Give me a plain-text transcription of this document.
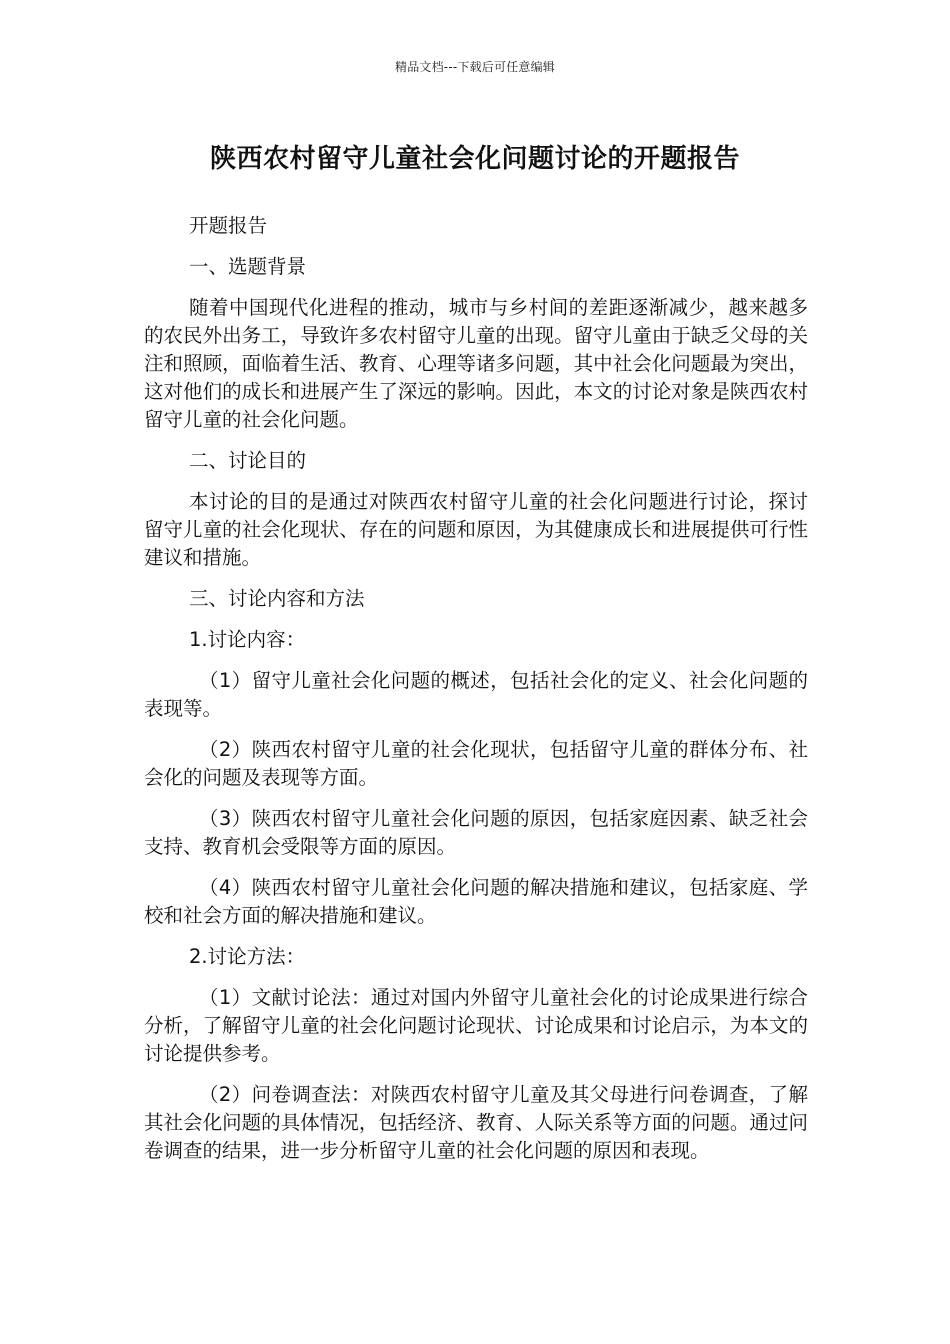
精品文档---下载后可任意编辑
陕西农村留守儿童社会化问题讨论的开题报告

开题报告

一、选题背景

随着中国现代化进程的推动，城市与乡村间的差距逐渐减少，越来越多的农民外出务工，导致许多农村留守儿童的出现。留守儿童由于缺乏父母的关注和照顾，面临着生活、教育、心理等诸多问题，其中社会化问题最为突出，这对他们的成长和进展产生了深远的影响。因此，本文的讨论对象是陕西农村留守儿童的社会化问题。

二、讨论目的

本讨论的目的是通过对陕西农村留守儿童的社会化问题进行讨论，探讨留守儿童的社会化现状、存在的问题和原因，为其健康成长和进展提供可行性建议和措施。

三、讨论内容和方法

1.讨论内容：

（1）留守儿童社会化问题的概述，包括社会化的定义、社会化问题的表现等。

（2）陕西农村留守儿童的社会化现状，包括留守儿童的群体分布、社会化的问题及表现等方面。

（3）陕西农村留守儿童社会化问题的原因，包括家庭因素、缺乏社会支持、教育机会受限等方面的原因。

（4）陕西农村留守儿童社会化问题的解决措施和建议，包括家庭、学校和社会方面的解决措施和建议。

2.讨论方法：

（1）文献讨论法：通过对国内外留守儿童社会化的讨论成果进行综合分析，了解留守儿童的社会化问题讨论现状、讨论成果和讨论启示，为本文的讨论提供参考。

（2）问卷调查法：对陕西农村留守儿童及其父母进行问卷调查，了解其社会化问题的具体情况，包括经济、教育、人际关系等方面的问题。通过问卷调查的结果，进一步分析留守儿童的社会化问题的原因和表现。
